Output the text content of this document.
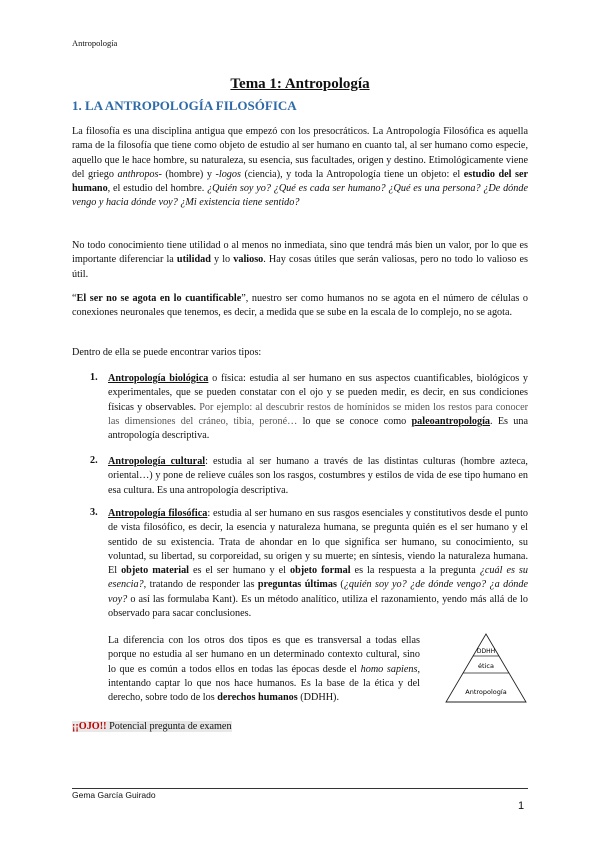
Antropología
Tema 1: Antropología
1. LA ANTROPOLOGÍA FILOSÓFICA

La filosofía es una disciplina antigua que empezó con los presocráticos. La Antropología Filosófica es aquella rama de la filosofía que tiene como objeto de estudio al ser humano en cuanto tal, al ser humano como especie, aquello que le hace hombre, su naturaleza, su esencia, sus facultades, origen y destino. Etimológicamente viene del griego anthropos- (hombre) y -logos (ciencia), y toda la Antropología tiene un objeto: el estudio del ser humano, el estudio del hombre. ¿Quién soy yo? ¿Qué es cada ser humano? ¿Qué es una persona? ¿De dónde vengo y hacia dónde voy? ¿Mi existencia tiene sentido?

No todo conocimiento tiene utilidad o al menos no inmediata, sino que tendrá más bien un valor, por lo que es importante diferenciar la utilidad y lo valioso. Hay cosas útiles que serán valiosas, pero no todo lo valioso es útil.

“El ser no se agota en lo cuantificable”, nuestro ser como humanos no se agota en el número de células o conexiones neuronales que tenemos, es decir, a medida que se sube en la escala de lo complejo, no se agota.

Dentro de ella se puede encontrar varios tipos:

1. Antropología biológica o física: estudia al ser humano en sus aspectos cuantificables, biológicos y experimentales, que se pueden constatar con el ojo y se pueden medir, es decir, en sus condiciones físicas y observables. Por ejemplo: al descubrir restos de homínidos se miden los restos para conocer las dimensiones del cráneo, tibia, peroné… lo que se conoce como paleoantropología. Es una antropología descriptiva.
2. Antropología cultural: estudia al ser humano a través de las distintas culturas (hombre azteca, oriental…) y pone de relieve cuáles son los rasgos, costumbres y estilos de vida de ese tipo humano en esa cultura. Es una antropología descriptiva.
3. Antropología filosófica: estudia al ser humano en sus rasgos esenciales y constitutivos desde el punto de vista filosófico, es decir, la esencia y naturaleza humana, se pregunta quién es el ser humano y el sentido de su existencia. Trata de ahondar en lo que significa ser humano, su conocimiento, su voluntad, su libertad, su corporeidad, su origen y su muerte; en síntesis, viendo la naturaleza humana. El objeto material es el ser humano y el objeto formal es la respuesta a la pregunta ¿cuál es su esencia?, tratando de responder las preguntas últimas (¿quién soy yo? ¿de dónde vengo? ¿a dónde voy? o así las formulaba Kant). Es un método analítico, utiliza el razonamiento, yendo más allá de lo observado para sacar conclusiones.
La diferencia con los otros dos tipos es que es transversal a todas ellas porque no estudia al ser humano en un determinado contexto cultural, sino lo que es común a todos ellos en todas las épocas desde el homo sapiens, intentando captar lo que nos hace humanos. Es la base de la ética y del derecho, sobre todo de los derechos humanos (DDHH).
DDHH
ética
Antropología
¡¡OJO!! Potencial pregunta de examen
Gema García Guirado
1
